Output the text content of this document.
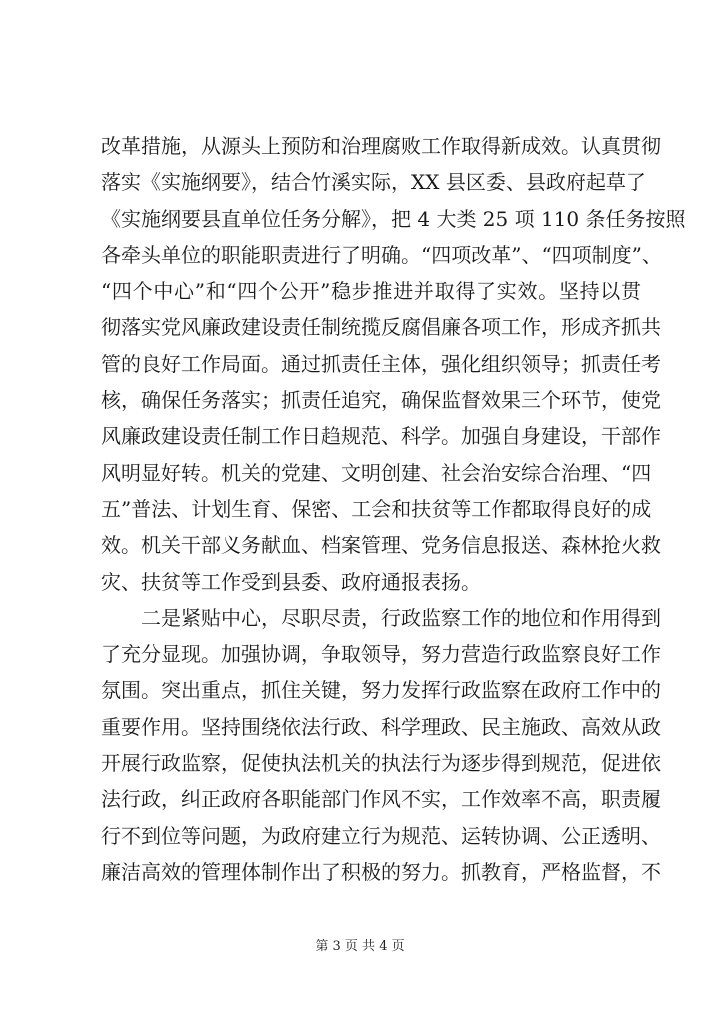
改革措施，从源头上预防和治理腐败工作取得新成效。认真贯彻
落实《实施纲要》，结合竹溪实际，XX 县区委、县政府起草了
《实施纲要县直单位任务分解》，把 4 大类 25 项 110 条任务按照
各牵头单位的职能职责进行了明确。“四项改革”、“四项制度”、
“四个中心”和“四个公开”稳步推进并取得了实效。坚持以贯
彻落实党风廉政建设责任制统揽反腐倡廉各项工作，形成齐抓共
管的良好工作局面。通过抓责任主体，强化组织领导；抓责任考
核，确保任务落实；抓责任追究，确保监督效果三个环节，使党
风廉政建设责任制工作日趋规范、科学。加强自身建设，干部作
风明显好转。机关的党建、文明创建、社会治安综合治理、“四
五”普法、计划生育、保密、工会和扶贫等工作都取得良好的成
效。机关干部义务献血、档案管理、党务信息报送、森林抢火救
灾、扶贫等工作受到县委、政府通报表扬。
二是紧贴中心，尽职尽责，行政监察工作的地位和作用得到
了充分显现。加强协调，争取领导，努力营造行政监察良好工作
氛围。突出重点，抓住关键，努力发挥行政监察在政府工作中的
重要作用。坚持围绕依法行政、科学理政、民主施政、高效从政
开展行政监察，促使执法机关的执法行为逐步得到规范，促进依
法行政，纠正政府各职能部门作风不实，工作效率不高，职责履
行不到位等问题，为政府建立行为规范、运转协调、公正透明、
廉洁高效的管理体制作出了积极的努力。抓教育，严格监督，不
第 3 页 共 4 页
